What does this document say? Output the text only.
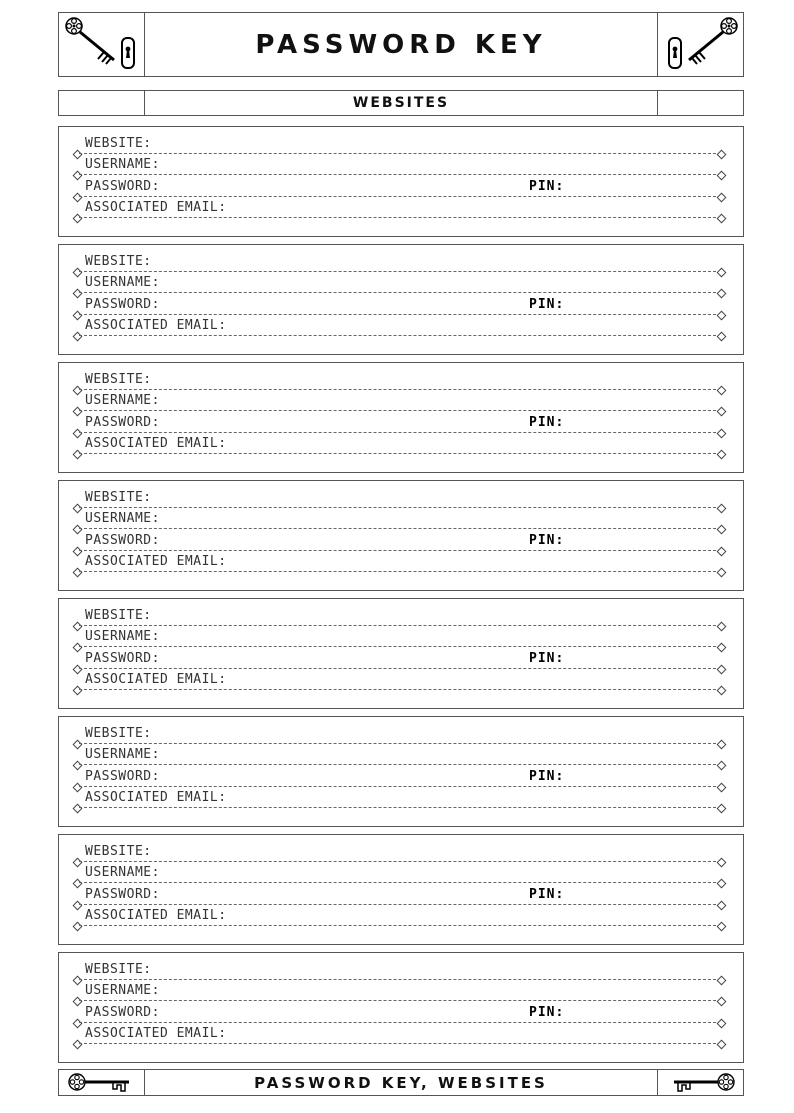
PASSWORD KEY
WEBSITES
WEBSITE:
USERNAME:
PASSWORD:	PIN:
ASSOCIATED EMAIL:
WEBSITE:
USERNAME:
PASSWORD:	PIN:
ASSOCIATED EMAIL:
WEBSITE:
USERNAME:
PASSWORD:	PIN:
ASSOCIATED EMAIL:
WEBSITE:
USERNAME:
PASSWORD:	PIN:
ASSOCIATED EMAIL:
WEBSITE:
USERNAME:
PASSWORD:	PIN:
ASSOCIATED EMAIL:
WEBSITE:
USERNAME:
PASSWORD:	PIN:
ASSOCIATED EMAIL:
WEBSITE:
USERNAME:
PASSWORD:	PIN:
ASSOCIATED EMAIL:
WEBSITE:
USERNAME:
PASSWORD:	PIN:
ASSOCIATED EMAIL:
PASSWORD KEY, WEBSITES
